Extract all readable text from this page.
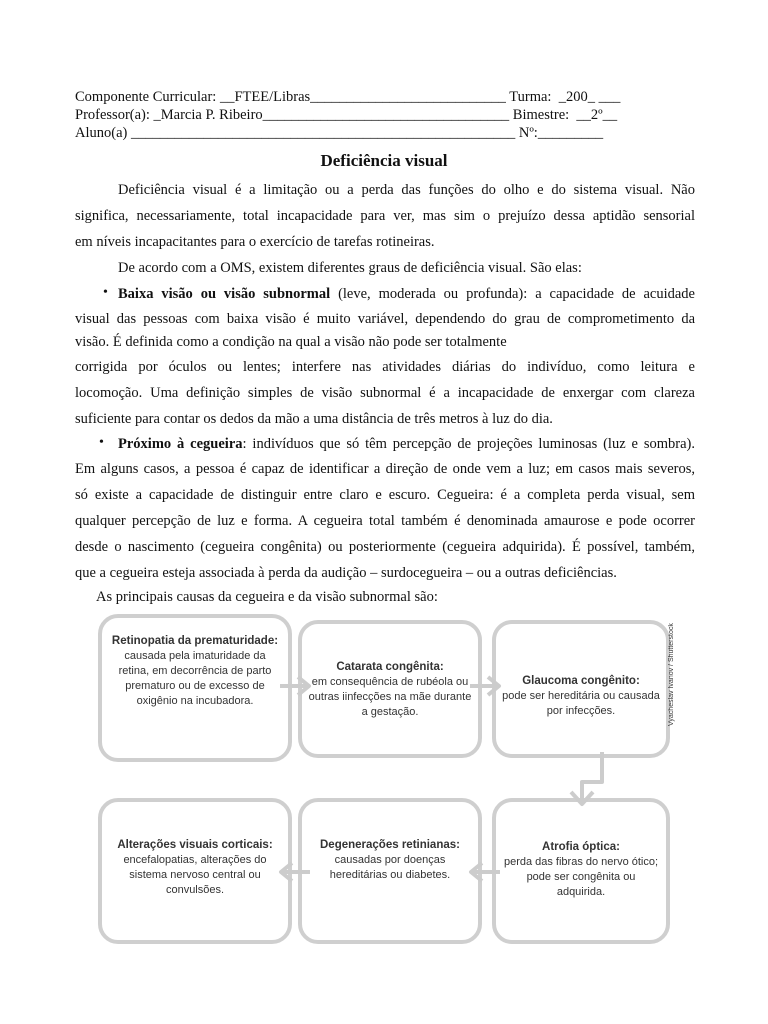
Componente Curricular: __FTEE/Libras___________________________ Turma:  _200_ ___
Professor(a): _Marcia P. Ribeiro__________________________________ Bimestre:  __2º__
Aluno(a) _____________________________________________________ Nº:_________
Deficiência visual
Deficiência visual é a limitação ou a perda das funções do olho e do sistema visual. Não
significa, necessariamente, total incapacidade para ver, mas sim o prejuízo dessa aptidão sensorial
em níveis incapacitantes para o exercício de tarefas rotineiras.
De acordo com a OMS, existem diferentes graus de deficiência visual. São elas:
• Baixa visão ou visão subnormal (leve, moderada ou profunda): a capacidade de acuidade
visual das pessoas com baixa visão é muito variável, dependendo do grau de comprometimento da
visão. É definida como a condição na qual a visão não pode ser totalmente
corrigida por óculos ou lentes; interfere nas atividades diárias do indivíduo, como leitura e
locomoção. Uma definição simples de visão subnormal é a incapacidade de enxergar com clareza
suficiente para contar os dedos da mão a uma distância de três metros à luz do dia.
• Próximo à cegueira: indivíduos que só têm percepção de projeções luminosas (luz e sombra).
Em alguns casos, a pessoa é capaz de identificar a direção de onde vem a luz; em casos mais severos,
só existe a capacidade de distinguir entre claro e escuro. Cegueira: é a completa perda visual, sem
qualquer percepção de luz e forma. A cegueira total também é denominada amaurose e pode ocorrer
desde o nascimento (cegueira congênita) ou posteriormente (cegueira adquirida). É possível, também,
que a cegueira esteja associada à perda da audição – surdocegueira – ou a outras deficiências.
As principais causas da cegueira e da visão subnormal são:
Retinopatia da prematuridade:
causada pela imaturidade da retina, em decorrência de parto prematuro ou de excesso de oxigênio na incubadora.
Catarata congênita:
em consequência de rubéola ou outras iinfecções na mãe durante a gestação.
Glaucoma congênito:
pode ser hereditária ou causada por infecções.
Alterações visuais corticais:
encefalopatias, alterações do sistema nervoso central ou convulsões.
Degenerações retinianas:
causadas por doenças hereditárias ou diabetes.
Atrofia óptica:
perda das fibras do nervo ótico; pode ser congênita ou adquirida.
Vyacheslav Ivanov / Shutterstock
